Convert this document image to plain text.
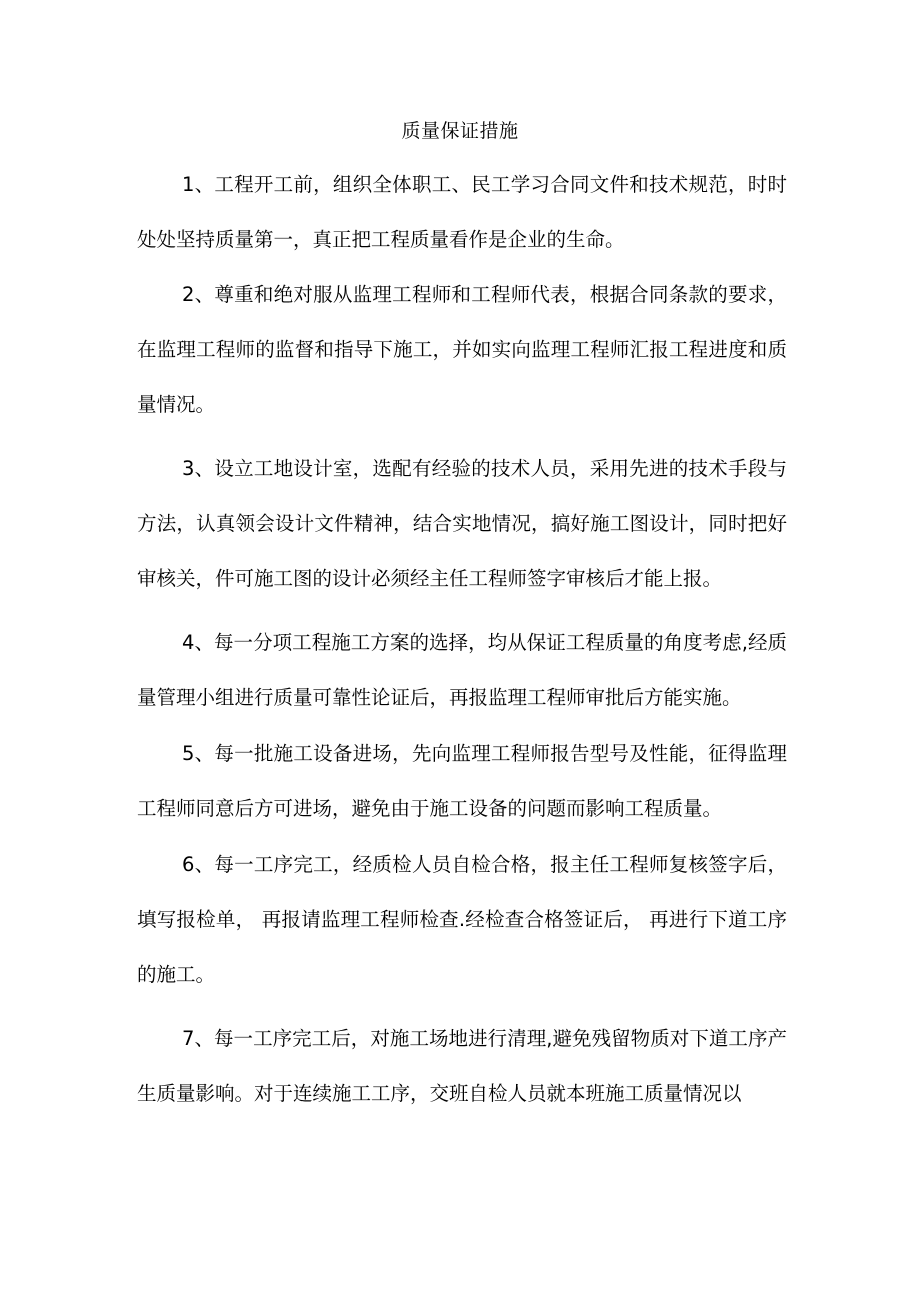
质量保证措施

1、工程开工前，组织全体职工、民工学习合同文件和技术规范，时时处处坚持质量第一，真正把工程质量看作是企业的生命。

2、尊重和绝对服从监理工程师和工程师代表，根据合同条款的要求，在监理工程师的监督和指导下施工，并如实向监理工程师汇报工程进度和质量情况。

3、设立工地设计室，选配有经验的技术人员，采用先进的技术手段与方法，认真领会设计文件精神，结合实地情况，搞好施工图设计，同时把好审核关，件可施工图的设计必须经主任工程师签字审核后才能上报。

4、每一分项工程施工方案的选择，均从保证工程质量的角度考虑,经质量管理小组进行质量可靠性论证后，再报监理工程师审批后方能实施。

5、每一批施工设备进场，先向监理工程师报告型号及性能，征得监理工程师同意后方可进场，避免由于施工设备的问题而影响工程质量。

6、每一工序完工，经质检人员自检合格，报主任工程师复核签字后，填写报检单， 再报请监理工程师检查.经检查合格签证后， 再进行下道工序的施工。

7、每一工序完工后，对施工场地进行清理,避免残留物质对下道工序产生质量影响。对于连续施工工序，交班自检人员就本班施工质量情况以
